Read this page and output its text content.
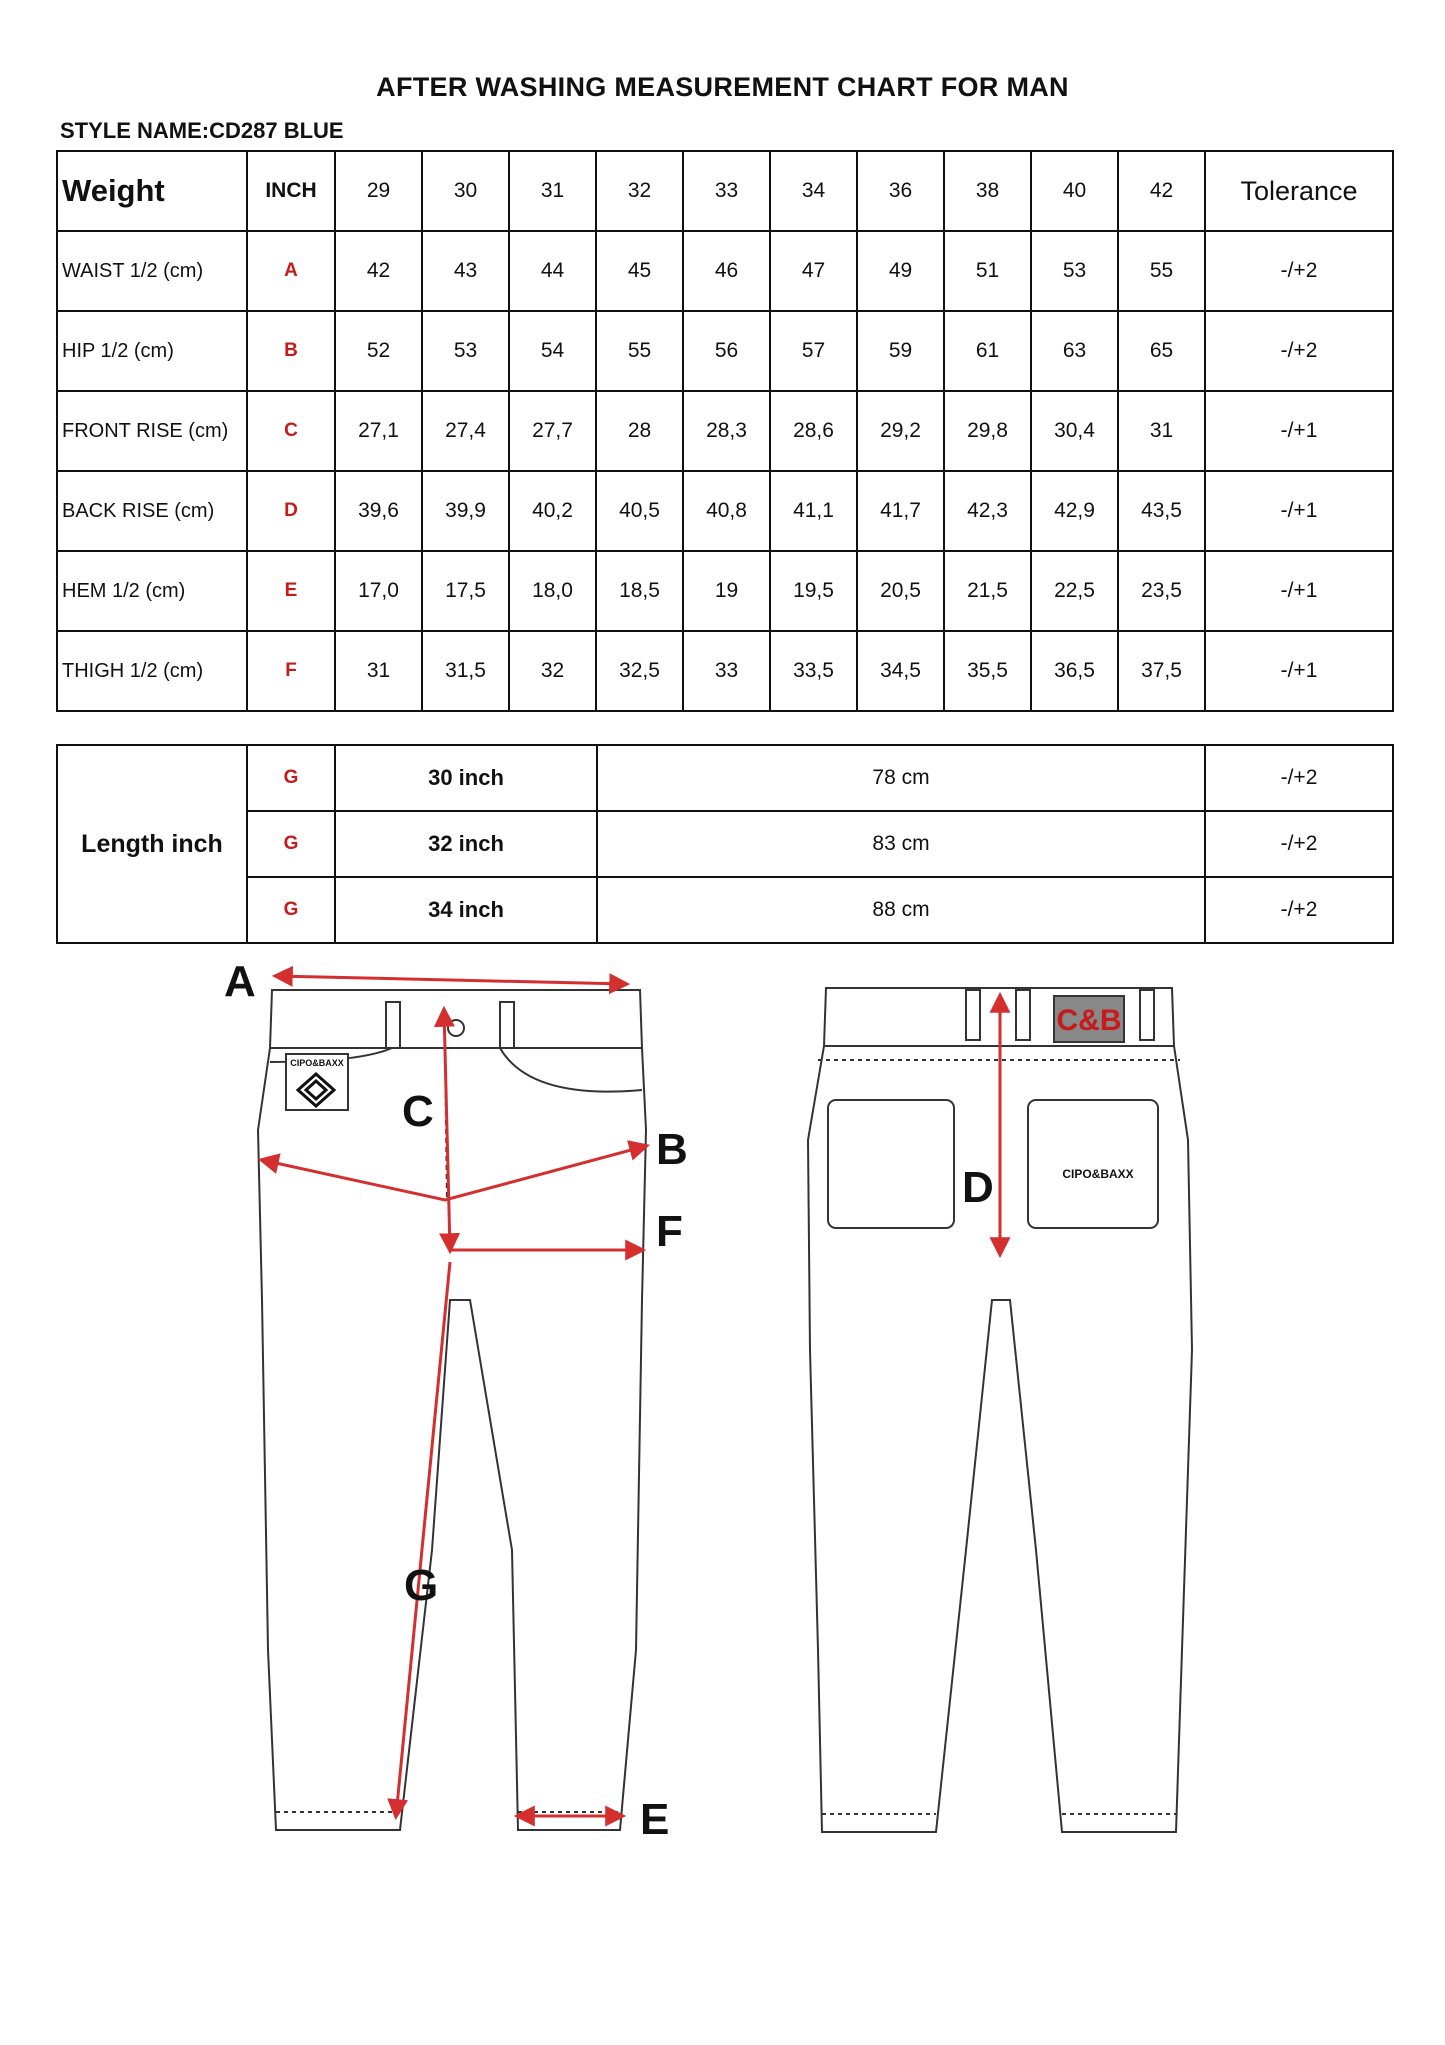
AFTER WASHING MEASUREMENT CHART FOR MAN
STYLE NAME:CD287 BLUE
Weight	INCH	29	30	31	32	33	34	36	38	40	42	Tolerance
WAIST 1/2 (cm)	A	42	43	44	45	46	47	49	51	53	55	-/+2
HIP 1/2 (cm)	B	52	53	54	55	56	57	59	61	63	65	-/+2
FRONT RISE (cm)	C	27,1	27,4	27,7	28	28,3	28,6	29,2	29,8	30,4	31	-/+1
BACK RISE (cm)	D	39,6	39,9	40,2	40,5	40,8	41,1	41,7	42,3	42,9	43,5	-/+1
HEM 1/2 (cm)	E	17,0	17,5	18,0	18,5	19	19,5	20,5	21,5	22,5	23,5	-/+1
THIGH 1/2 (cm)	F	31	31,5	32	32,5	33	33,5	34,5	35,5	36,5	37,5	-/+1
Length inch	G	30 inch	78 cm	-/+2
	G	32 inch	83 cm	-/+2
	G	34 inch	88 cm	-/+2
CIPO&BAXX
A
B
C
E
F
G
C&B
CIPO&BAXX
D
